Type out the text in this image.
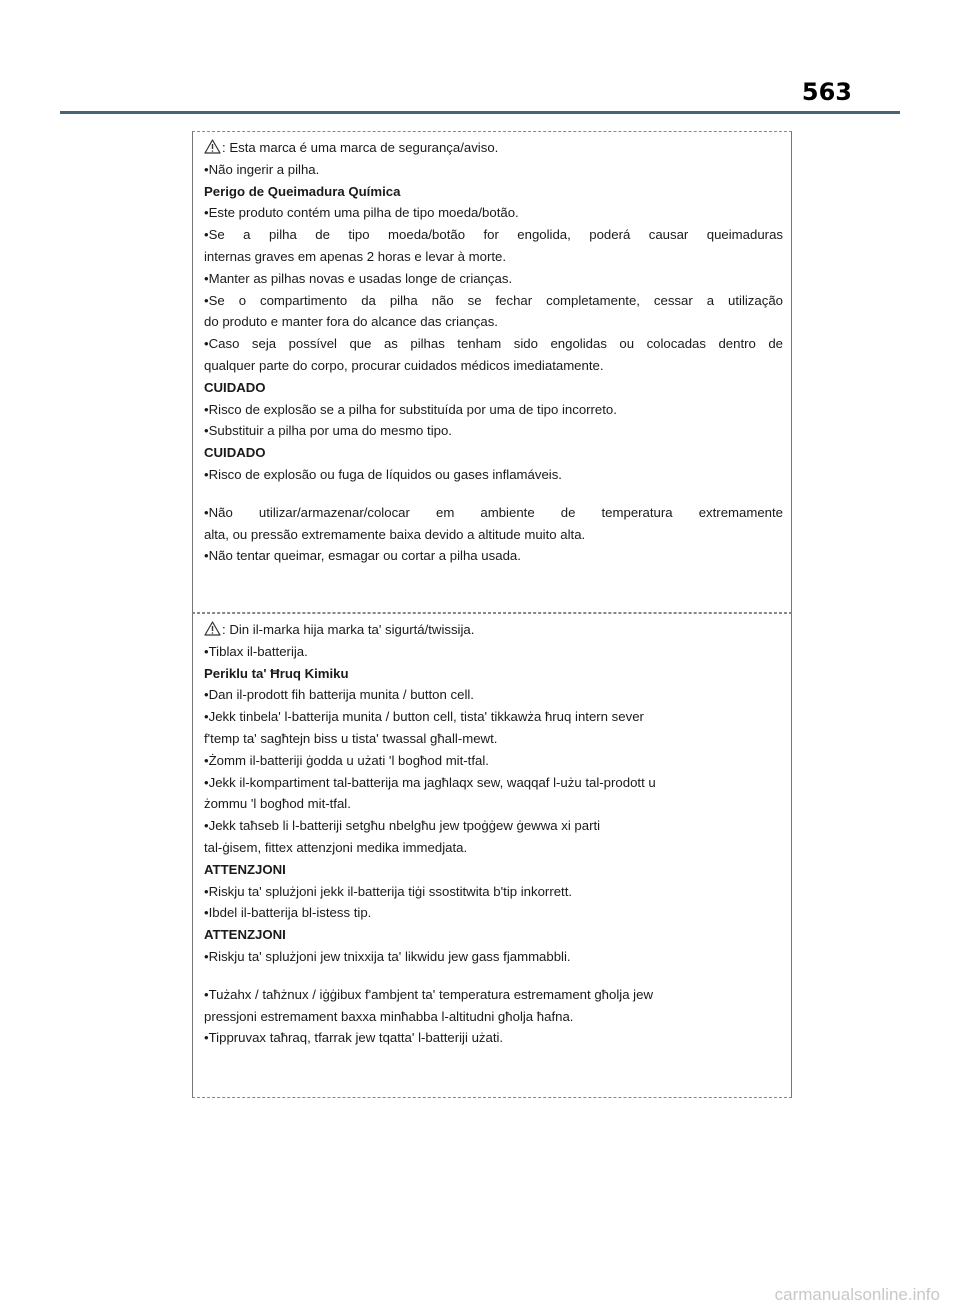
563
: Esta marca é uma marca de segurança/aviso.
•Não ingerir a pilha.
Perigo de Queimadura Química
•Este produto contém uma pilha de tipo moeda/botão.
•Se a pilha de tipo moeda/botão for engolida, poderá causar queimaduras
internas graves em apenas 2 horas e levar à morte.
•Manter as pilhas novas e usadas longe de crianças.
•Se o compartimento da pilha não se fechar completamente, cessar a utilização
do produto e manter fora do alcance das crianças.
•Caso seja possível que as pilhas tenham sido engolidas ou colocadas dentro de
qualquer parte do corpo, procurar cuidados médicos imediatamente.
CUIDADO
•Risco de explosão se a pilha for substituída por uma de tipo incorreto.
•Substituir a pilha por uma do mesmo tipo.
CUIDADO
•Risco de explosão ou fuga de líquidos ou gases inflamáveis.
•Não utilizar/armazenar/colocar em ambiente de temperatura extremamente
alta, ou pressão extremamente baixa devido a altitude muito alta.
•Não tentar queimar, esmagar ou cortar a pilha usada.
: Din il-marka hija marka ta' sigurtá/twissija.
•Tiblax il-batterija.
Periklu ta' Ħruq Kimiku
•Dan il-prodott fih batterija munita / button cell.
•Jekk tinbela' l-batterija munita / button cell, tista' tikkawża ħruq intern sever
f'temp ta' sagħtejn biss u tista' twassal għall-mewt.
•Żomm il-batteriji ġodda u użati 'l bogħod mit-tfal.
•Jekk il-kompartiment tal-batterija ma jagħlaqx sew, waqqaf l-użu tal-prodott u
żommu 'l bogħod mit-tfal.
•Jekk taħseb li l-batteriji setgħu nbelgħu jew tpoġġew ġewwa xi parti
tal-ġisem, fittex attenzjoni medika immedjata.
ATTENZJONI
•Riskju ta' splużjoni jekk il-batterija tiġi ssostitwita b'tip inkorrett.
•Ibdel il-batterija bl-istess tip.
ATTENZJONI
•Riskju ta' splużjoni jew tnixxija ta' likwidu jew gass fjammabbli.
•Tużahx / taħżnux / iġġibux f'ambjent ta' temperatura estremament għolja jew
pressjoni estremament baxxa minħabba l-altitudni għolja ħafna.
•Tippruvax taħraq, tfarrak jew tqatta' l-batteriji użati.
carmanualsonline.info
